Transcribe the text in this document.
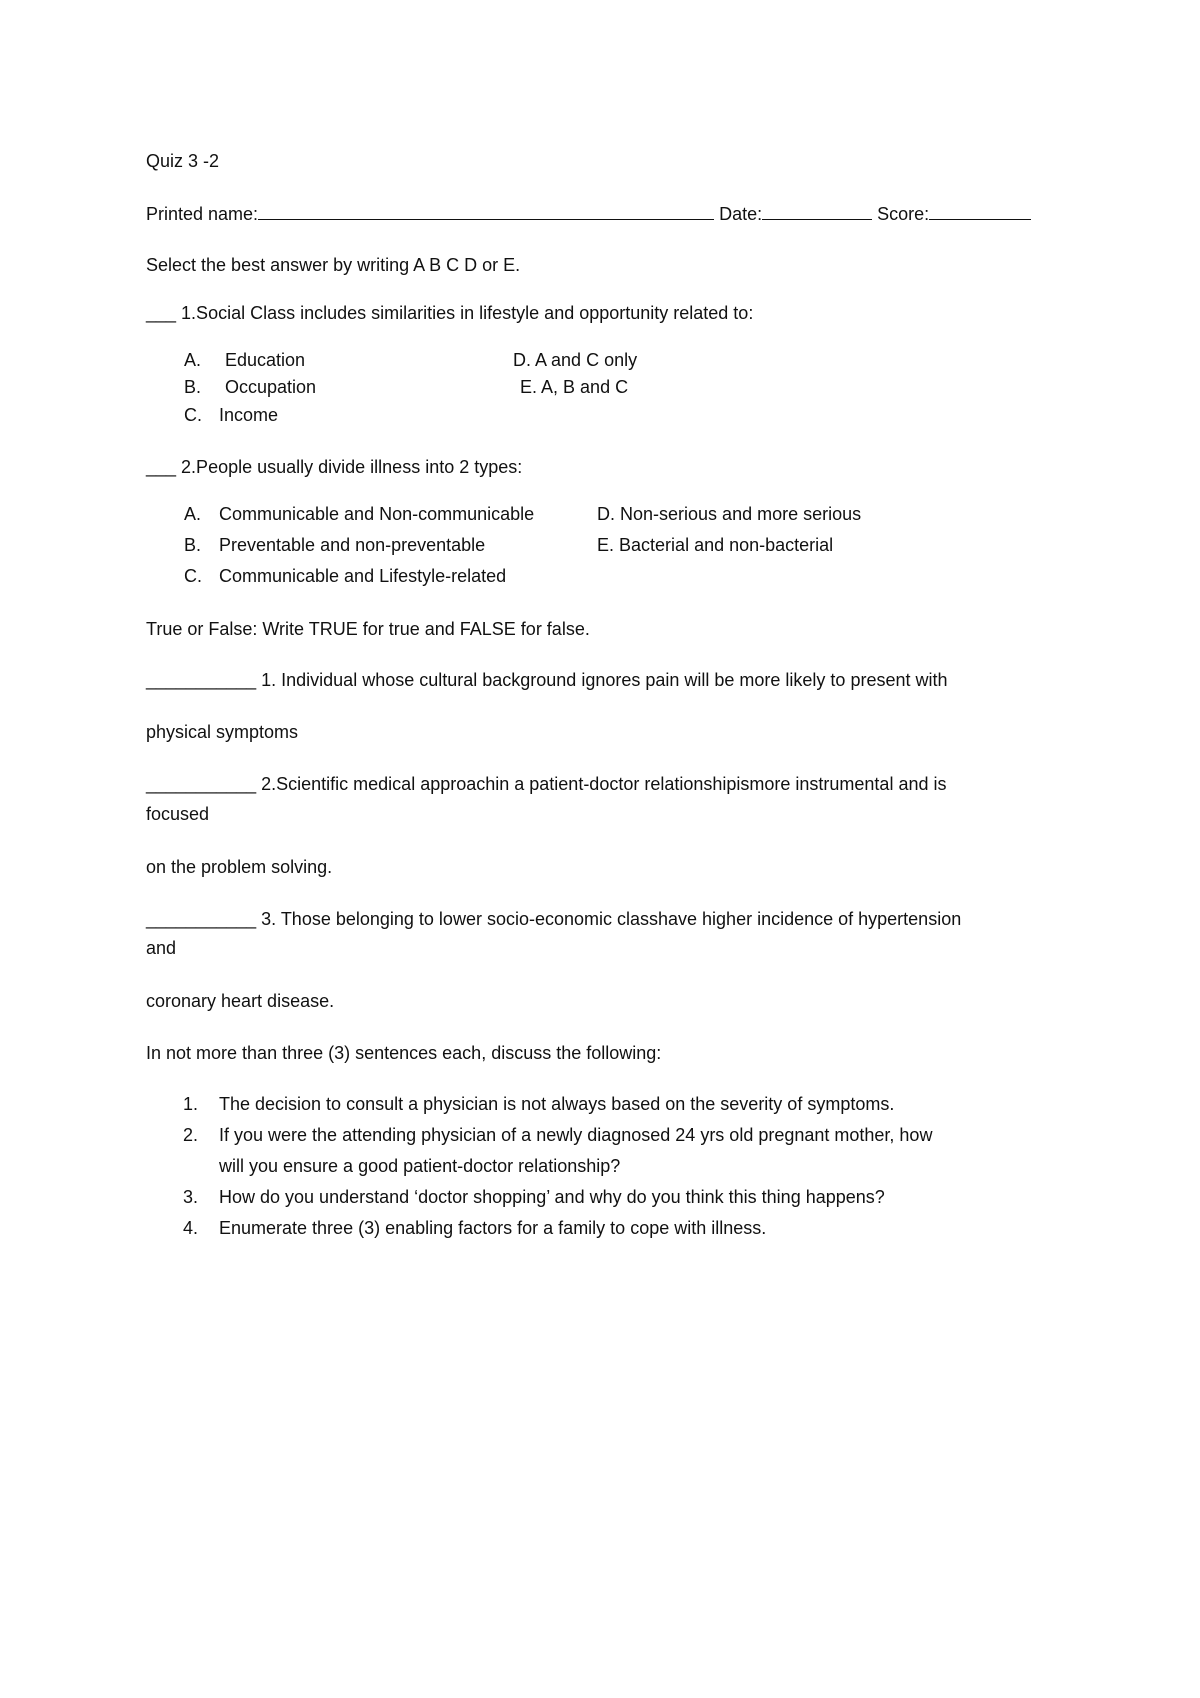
Quiz 3 -2
Printed name:	Date:	Score:
Select the best answer by writing A B C D or E.
___ 1.Social Class includes similarities in lifestyle and opportunity related to:
A. Education
B. Occupation
C. Income
D. A and C only
E. A, B and C
___ 2.People usually divide illness into 2 types:
A. Communicable and Non-communicable
B. Preventable and non-preventable
C. Communicable and Lifestyle-related
D. Non-serious and more serious
E. Bacterial and non-bacterial
True or False: Write TRUE for true and FALSE for false.
___________ 1. Individual whose cultural background ignores pain will be more likely to present with
physical symptoms
___________ 2.Scientific medical approachin a patient-doctor relationshipismore instrumental and is
focused
on the problem solving.
___________ 3. Those belonging to lower socio-economic classhave higher incidence of hypertension
and
coronary heart disease.
In not more than three (3) sentences each, discuss the following:
1. The decision to consult a physician is not always based on the severity of symptoms.
2. If you were the attending physician of a newly diagnosed 24 yrs old pregnant mother, how
will you ensure a good patient-doctor relationship?
3. How do you understand ‘doctor shopping’ and why do you think this thing happens?
4. Enumerate three (3) enabling factors for a family to cope with illness.
